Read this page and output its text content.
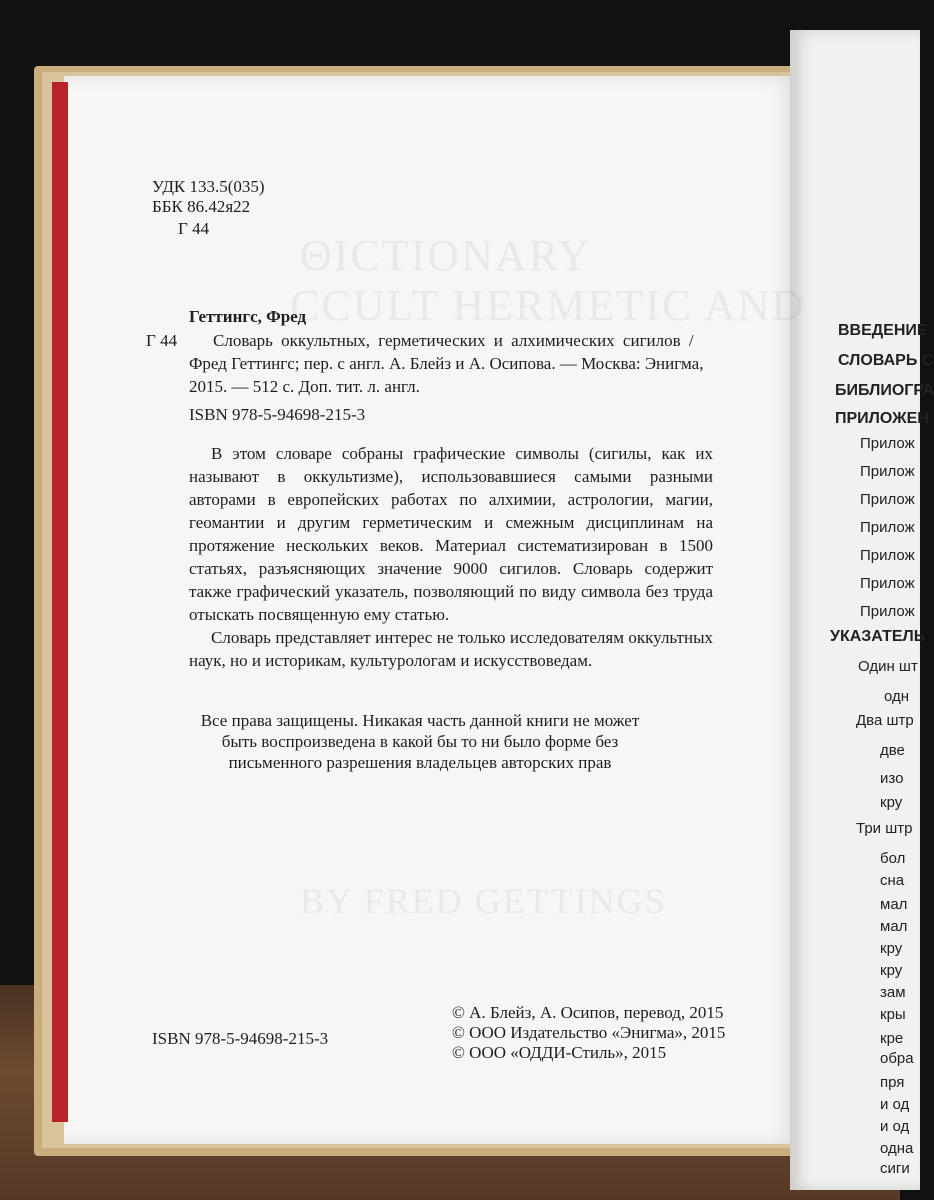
ΘΙCTIONARY
CCULT HERMETIC AND
BY FRED GETTINGS
УДК 133.5(035)
ББК 86.42я22
Г 44
Геттингс, Фред
Г 44 Словарь оккультных, герметических и алхимических сигилов /
Фред Геттингс; пер. с англ. А. Блейз и А. Осипова. — Москва: Энигма,
2015. — 512 с. Доп. тит. л. англ.
ISBN 978-5-94698-215-3

В этом словаре собраны графические символы (сигилы, как их называют в оккультизме), использовавшиеся самыми разными авторами в европейских работах по алхимии, астрологии, магии, геомантии и другим герметическим и смежным дисциплинам на протяжение нескольких веков. Материал систематизирован в 1500 статьях, разъясняющих значение 9000 сигилов. Словарь содержит также графический указатель, позволяющий по виду символа без труда отыскать посвященную ему статью.

Словарь представляет интерес не только исследователям оккультных наук, но и историкам, культурологам и искусствоведам.

Все права защищены. Никакая часть данной книги не может
быть воспроизведена в какой бы то ни было форме без
письменного разрешения владельцев авторских прав
ISBN 978-5-94698-215-3
© А. Блейз, А. Осипов, перевод, 2015
© ООО Издательство «Энигма», 2015
© ООО «ОДДИ-Стиль», 2015
ВВЕДЕНИЕ
СЛОВАРЬ С
БИБЛИОГРА
ПРИЛОЖЕН
Прилож
Прилож
Прилож
Прилож
Прилож
Прилож
Прилож
УКАЗАТЕЛЬ
Один шт
одн
Два штр
две
изо
кру
Три штр
бол
сна
мал
мал
кру
кру
зам
кры
кре
обра
пря
и од
и од
одна
сиги
